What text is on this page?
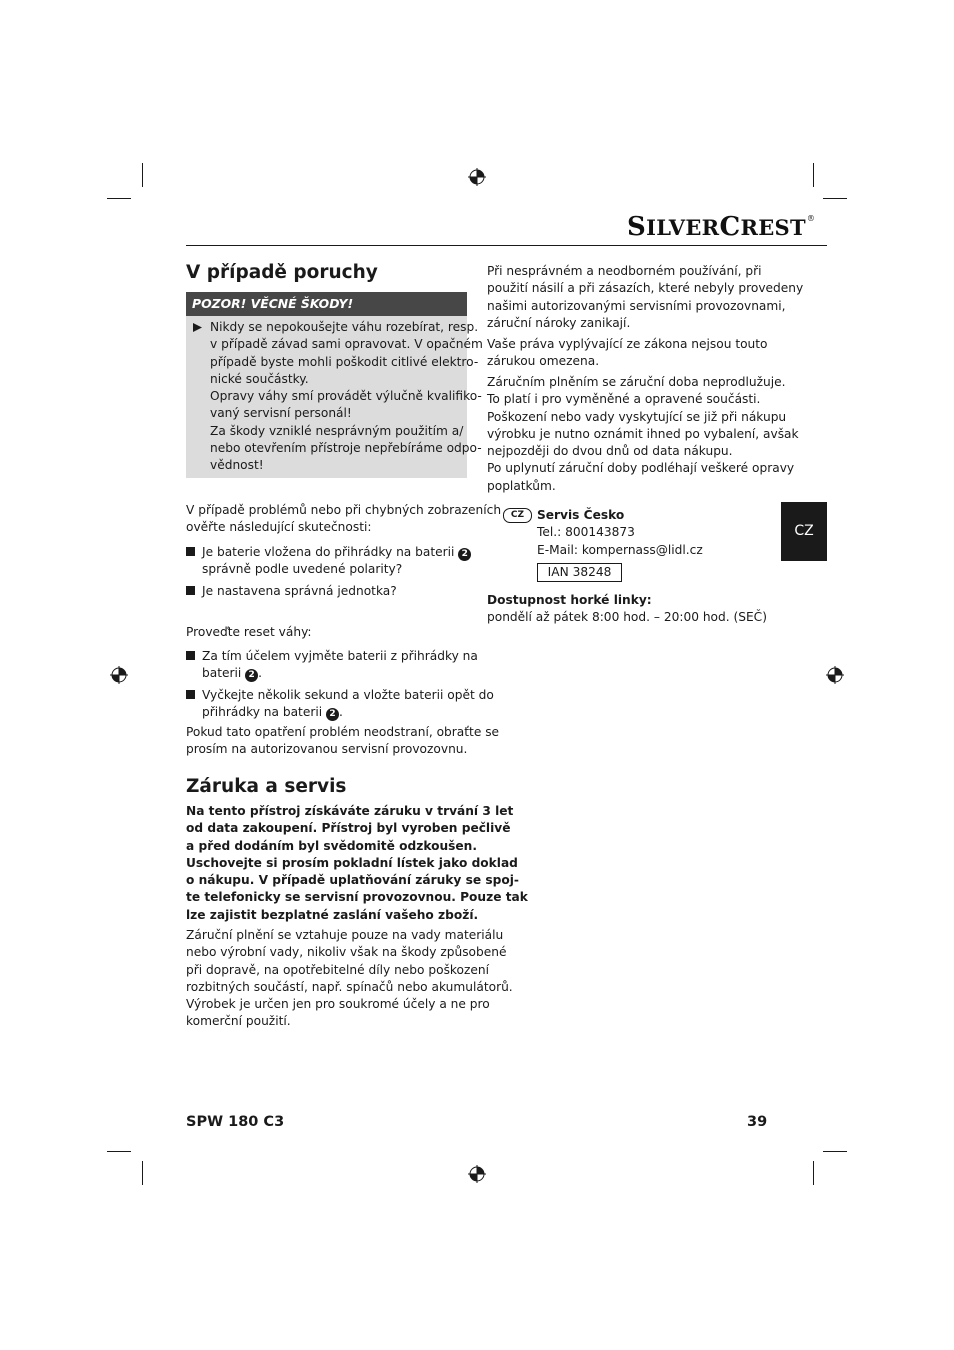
SILVERCREST®
V případě poruchy
POZOR! VĚCNÉ ŠKODY!
Nikdy se nepokoušejte váhu rozebírat, resp.
v případě závad sami opravovat. V opačném
případě byste mohli poškodit citlivé elektro-
nické součástky.
Opravy váhy smí provádět výlučně kvalifiko-
vaný servisní personál!
Za škody vzniklé nesprávným použitím a/
nebo otevřením přístroje nepřebíráme odpo-
vědnost!
V případě problémů nebo při chybných zobrazeních
ověřte následující skutečnosti:
Je baterie vložena do přihrádky na baterii 2
správně podle uvedené polarity?
Je nastavena správná jednotka?
Proveďte reset váhy:
Za tím účelem vyjměte baterii z přihrádky na
baterii 2 .
Vyčkejte několik sekund a vložte baterii opět do
přihrádky na baterii 2 .
Pokud tato opatření problém neodstraní, obraťte se
prosím na autorizovanou servisní provozovnu.
Záruka a servis
Na tento přístroj získáváte záruku v trvání 3 let
od data zakoupení. Přístroj byl vyroben pečlivě
a před dodáním byl svědomitě odzkoušen.
Uschovejte si prosím pokladní lístek jako doklad
o nákupu. V případě uplatňování záruky se spoj-
te telefonicky se servisní provozovnou. Pouze tak
lze zajistit bezplatné zaslání vašeho zboží.
Záruční plnění se vztahuje pouze na vady materiálu
nebo výrobní vady, nikoliv však na škody způsobené
při dopravě, na opotřebitelné díly nebo poškození
rozbitných součástí, např. spínačů nebo akumulátorů.
Výrobek je určen jen pro soukromé účely a ne pro
komerční použití.
Při nesprávném a neodborném používání, při
použití násilí a při zásazích, které nebyly provedeny
našimi autorizovanými servisními provozovnami,
záruční nároky zanikají.
Vaše práva vyplývající ze zákona nejsou touto
zárukou omezena.
Záručním plněním se záruční doba neprodlužuje.
To platí i pro vyměněné a opravené součásti.
Poškození nebo vady vyskytující se již při nákupu
výrobku je nutno oznámit ihned po vybalení, avšak
nejpozději do dvou dnů od data nákupu.
Po uplynutí záruční doby podléhají veškeré opravy
poplatkům.
CZ	Servis Česko
Tel.: 800143873
E-Mail: kompernass@lidl.cz
IAN 38248
Dostupnost horké linky:
pondělí až pátek 8:00 hod. – 20:00 hod. (SEČ)
CZ
SPW 180 C3	39
